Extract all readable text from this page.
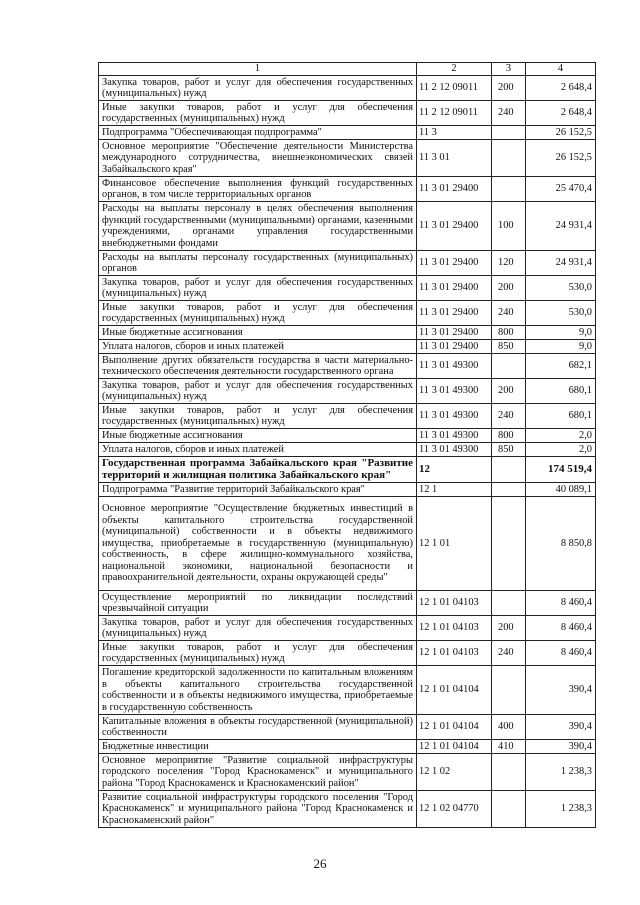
1	2	3	4
Закупка товаров, работ и услуг для обеспечения государственных (муниципальных) нужд	11 2 12 09011	200	2 648,4
Иные закупки товаров, работ и услуг для обеспечения государственных (муниципальных) нужд	11 2 12 09011	240	2 648,4
Подпрограмма "Обеспечивающая подпрограмма"	11 3		26 152,5
Основное мероприятие "Обеспечение деятельности Министерства международного сотрудничества, внешнеэкономических связей Забайкальского края"	11 3 01		26 152,5
Финансовое обеспечение выполнения функций государственных органов, в том числе территориальных органов	11 3 01 29400		25 470,4
Расходы на выплаты персоналу в целях обеспечения выполнения функций государственными (муниципальными) органами, казенными учреждениями, органами управления государственными внебюджетными фондами	11 3 01 29400	100	24 931,4
Расходы на выплаты персоналу государственных (муниципальных) органов	11 3 01 29400	120	24 931,4
Закупка товаров, работ и услуг для обеспечения государственных (муниципальных) нужд	11 3 01 29400	200	530,0
Иные закупки товаров, работ и услуг для обеспечения государственных (муниципальных) нужд	11 3 01 29400	240	530,0
Иные бюджетные ассигнования	11 3 01 29400	800	9,0
Уплата налогов, сборов и иных платежей	11 3 01 29400	850	9,0
Выполнение других обязательств государства в части материально-технического обеспечения деятельности государственного органа	11 3 01 49300		682,1
Закупка товаров, работ и услуг для обеспечения государственных (муниципальных) нужд	11 3 01 49300	200	680,1
Иные закупки товаров, работ и услуг для обеспечения государственных (муниципальных) нужд	11 3 01 49300	240	680,1
Иные бюджетные ассигнования	11 3 01 49300	800	2,0
Уплата налогов, сборов и иных платежей	11 3 01 49300	850	2,0
Государственная программа Забайкальского края "Развитие территорий и жилищная политика Забайкальского края"	12		174 519,4
Подпрограмма "Развитие территорий Забайкальского края"	12 1		40 089,1
Основное мероприятие "Осуществление бюджетных инвестиций в объекты капитального строительства государственной (муниципальной) собственности и в объекты недвижимого имущества, приобретаемые в государственную (муниципальную) собственность, в сфере жилищно-коммунального хозяйства, национальной экономики, национальной безопасности и правоохранительной деятельности, охраны окружающей среды"	12 1 01		8 850,8
Осуществление мероприятий по ликвидации последствий чрезвычайной ситуации	12 1 01 04103		8 460,4
Закупка товаров, работ и услуг для обеспечения государственных (муниципальных) нужд	12 1 01 04103	200	8 460,4
Иные закупки товаров, работ и услуг для обеспечения государственных (муниципальных) нужд	12 1 01 04103	240	8 460,4
Погашение кредиторской задолженности по капитальным вложениям в объекты капитального строительства государственной собственности и в объекты недвижимого имущества, приобретаемые в государственную собственность	12 1 01 04104		390,4
Капитальные вложения в объекты государственной (муниципальной) собственности	12 1 01 04104	400	390,4
Бюджетные инвестиции	12 1 01 04104	410	390,4
Основное мероприятие "Развитие социальной инфраструктуры городского поселения "Город Краснокаменск" и муниципального района "Город Краснокаменск и Краснокаменский район"	12 1 02		1 238,3
Развитие социальной инфраструктуры городского поселения "Город Краснокаменск" и муниципального района "Город Краснокаменск и Краснокаменский район"	12 1 02 04770		1 238,3
26
